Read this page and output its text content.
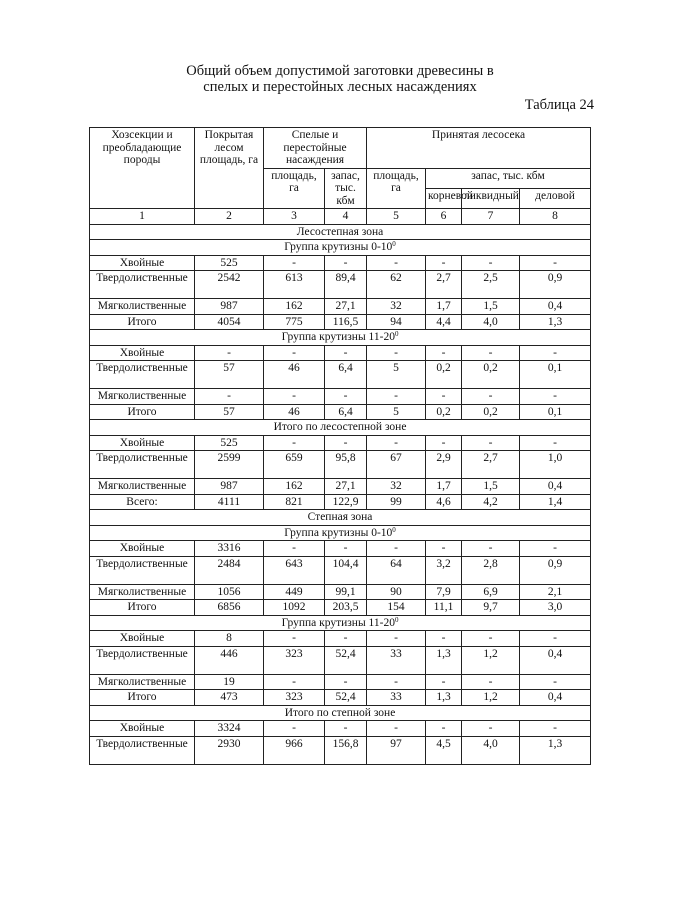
Общий объем допустимой заготовки древесины в
спелых и перестойных лесных насаждениях
Таблица 24
Хозсекции и преобладающие породы	Покрытая лесом площадь, га	Спелые и перестойные насаждения		Принятая лесосека			
		площадь, га	запас, тыс. кбм	площадь, га	запас, тыс. кбм		
					корневой	ликвидный	деловой
1	2	3	4	5	6	7	8
Лесостепная зона							
Группа крутизны $0-10^0$
Хвойные	525	-	-	-	-	-	-
Твердолиственные	2542	613	89,4	62	2,7	2,5	0,9
Мягколиственные	987	162	27,1	32	1,7	1,5	0,4
Итого	4054	775	116,5	94	4,4	4,0	1,3
Группа крутизны $11-20^0$
Хвойные	-	-	-	-	-	-	-
Твердолиственные	57	46	6,4	5	0,2	0,2	0,1
Мягколиственные	-	-	-	-	-	-	-
Итого	57	46	6,4	5	0,2	0,2	0,1
Итого по лесостепной зоне							
Хвойные	525	-	-	-	-	-	-
Твердолиственные	2599	659	95,8	67	2,9	2,7	1,0
Мягколиственные	987	162	27,1	32	1,7	1,5	0,4
Всего:	4111	821	122,9	99	4,6	4,2	1,4
Степная зона							
Группа крутизны $0-10^0$
Хвойные	3316	-	-	-	-	-	-
Твердолиственные	2484	643	104,4	64	3,2	2,8	0,9
Мягколиственные	1056	449	99,1	90	7,9	6,9	2,1
Итого	6856	1092	203,5	154	11,1	9,7	3,0
Группа крутизны $11-20^0$
Хвойные	8	-	-	-	-	-	-
Твердолиственные	446	323	52,4	33	1,3	1,2	0,4
Мягколиственные	19	-	-	-	-	-	-
Итого	473	323	52,4	33	1,3	1,2	0,4
Итого по степной зоне							
Хвойные	3324	-	-	-	-	-	-
Твердолиственные	2930	966	156,8	97	4,5	4,0	1,3
